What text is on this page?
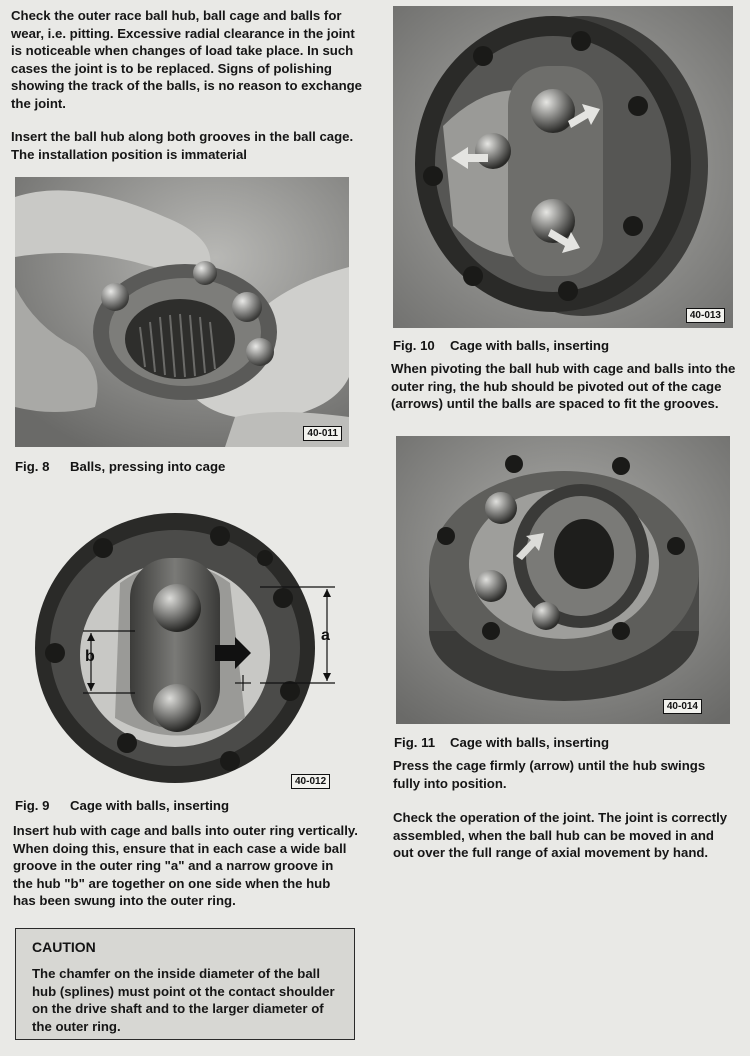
Check the outer race ball hub, ball cage and balls for
wear, i.e. pitting. Excessive radial clearance in the joint
is noticeable when changes of load take place. In such
cases the joint is to be replaced. Signs of polishing
showing the track of the balls, is no reason to exchange
the joint.
Insert the ball hub along both grooves in the ball cage.
The installation position is immaterial
40-011
Fig. 8 Balls, pressing into cage
a
b
40-012
Fig. 9 Cage with balls, inserting
Insert hub with cage and balls into outer ring vertically.
When doing this, ensure that in each case a wide ball
groove in the outer ring "a" and a narrow groove in
the hub "b" are together on one side when the hub
has been swung into the outer ring.
CAUTION
The chamfer on the inside diameter of the ball
hub (splines) must point ot the contact shoulder
on the drive shaft and to the larger diameter of
the outer ring.
40-013
Fig. 10 Cage with balls, inserting
When pivoting the ball hub with cage and balls into the
outer ring, the hub should be pivoted out of the cage
(arrows) until the balls are spaced to fit the grooves.
40-014
Fig. 11 Cage with balls, inserting
Press the cage firmly (arrow) until the hub swings
fully into position.
Check the operation of the joint. The joint is correctly
assembled, when the ball hub can be moved in and
out over the full range of axial movement by hand.
